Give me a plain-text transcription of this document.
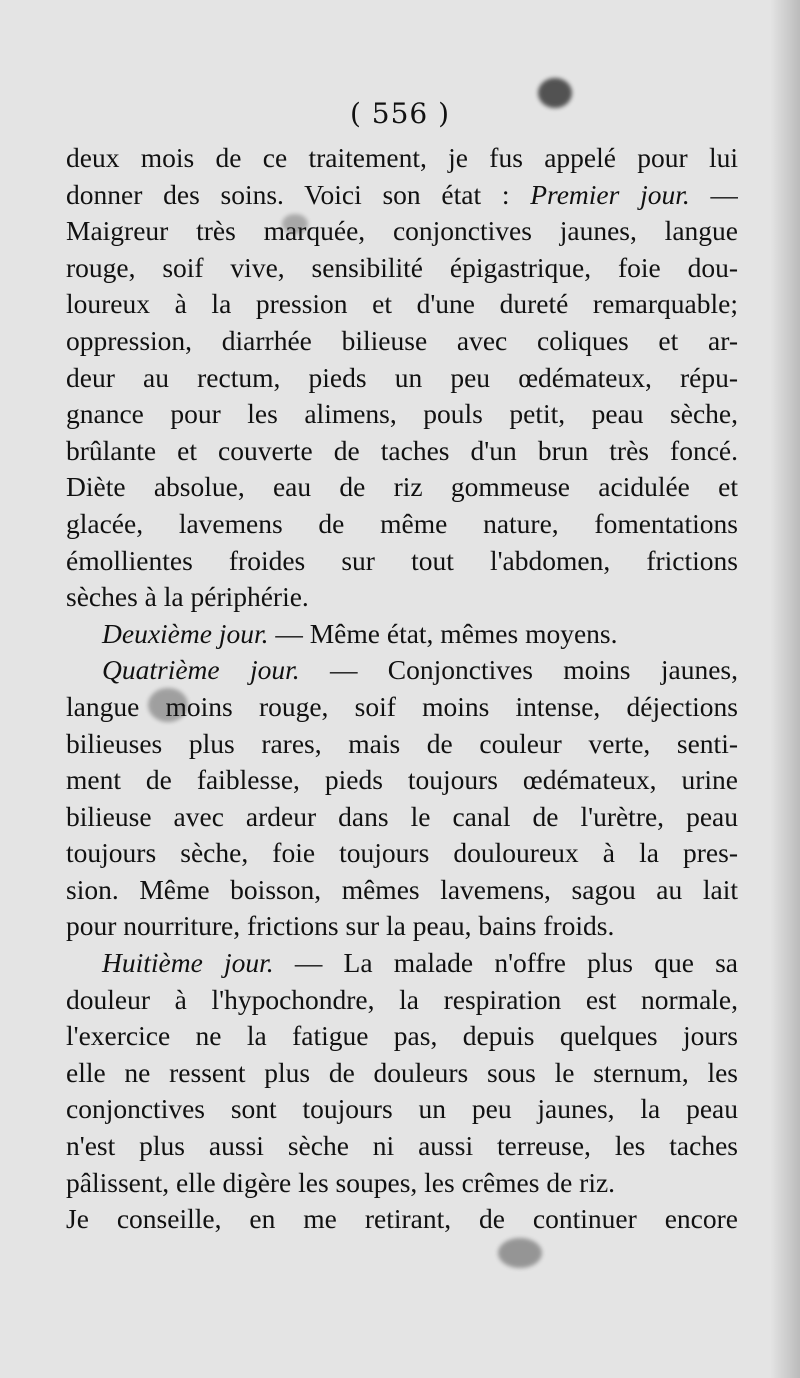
( 556 )
deux mois de ce traitement, je fus appelé pour lui
donner des soins. Voici son état : Premier jour. —
Maigreur très marquée, conjonctives jaunes, langue
rouge, soif vive, sensibilité épigastrique, foie dou-
loureux à la pression et d'une dureté remarquable;
oppression, diarrhée bilieuse avec coliques et ar-
deur au rectum, pieds un peu œdémateux, répu-
gnance pour les alimens, pouls petit, peau sèche,
brûlante et couverte de taches d'un brun très foncé.
Diète absolue, eau de riz gommeuse acidulée et
glacée, lavemens de même nature, fomentations
émollientes froides sur tout l'abdomen, frictions
sèches à la périphérie.
Deuxième jour. — Même état, mêmes moyens.
Quatrième jour. — Conjonctives moins jaunes,
langue moins rouge, soif moins intense, déjections
bilieuses plus rares, mais de couleur verte, senti-
ment de faiblesse, pieds toujours œdémateux, urine
bilieuse avec ardeur dans le canal de l'urètre, peau
toujours sèche, foie toujours douloureux à la pres-
sion. Même boisson, mêmes lavemens, sagou au lait
pour nourriture, frictions sur la peau, bains froids.
Huitième jour. — La malade n'offre plus que sa
douleur à l'hypochondre, la respiration est normale,
l'exercice ne la fatigue pas, depuis quelques jours
elle ne ressent plus de douleurs sous le sternum, les
conjonctives sont toujours un peu jaunes, la peau
n'est plus aussi sèche ni aussi terreuse, les taches
pâlissent, elle digère les soupes, les crêmes de riz.
Je conseille, en me retirant, de continuer encore
